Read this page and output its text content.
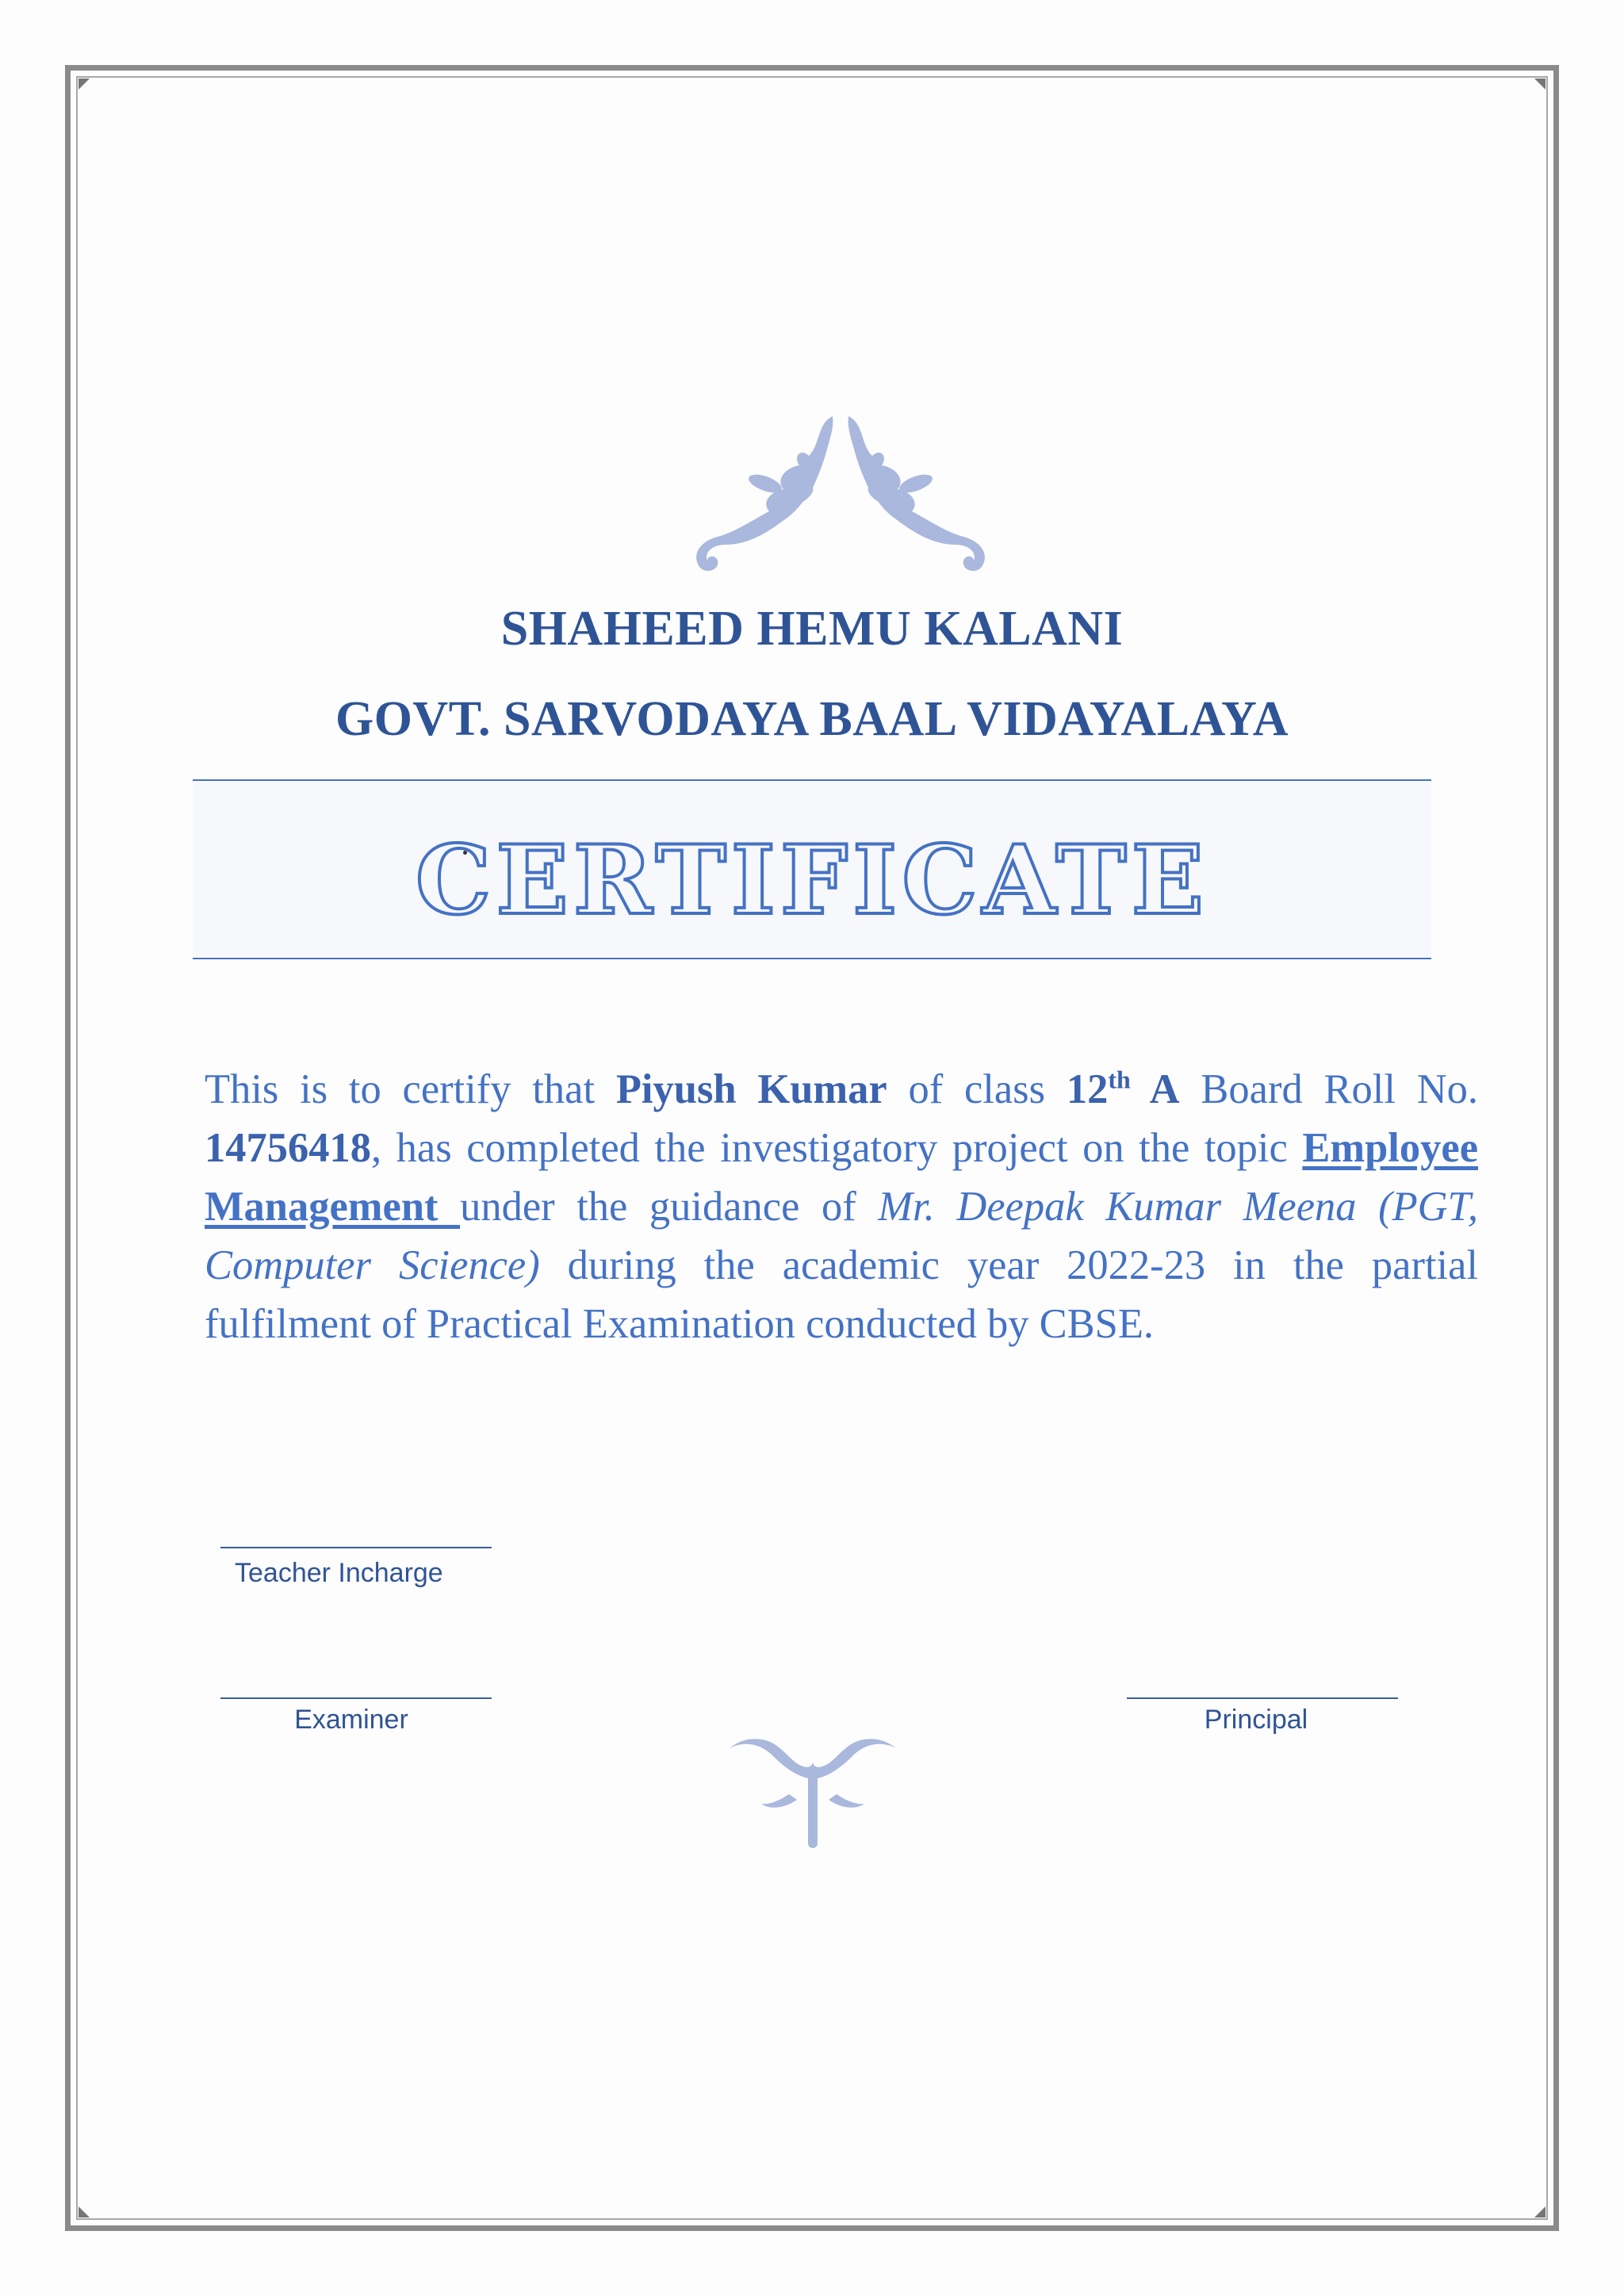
SHAHEED HEMU KALANI
GOVT. SARVODAYA BAAL VIDAYALAYA
CERTIFICATE
This is to certify that Piyush Kumar of class 12th A Board Roll No. 14756418, has completed the investigatory project on the topic Employee Management under the guidance of Mr. Deepak Kumar Meena (PGT, Computer Science) during the academic year 2022-23 in the partial fulfilment of Practical Examination conducted by CBSE.
Teacher Incharge
Examiner	Principal
